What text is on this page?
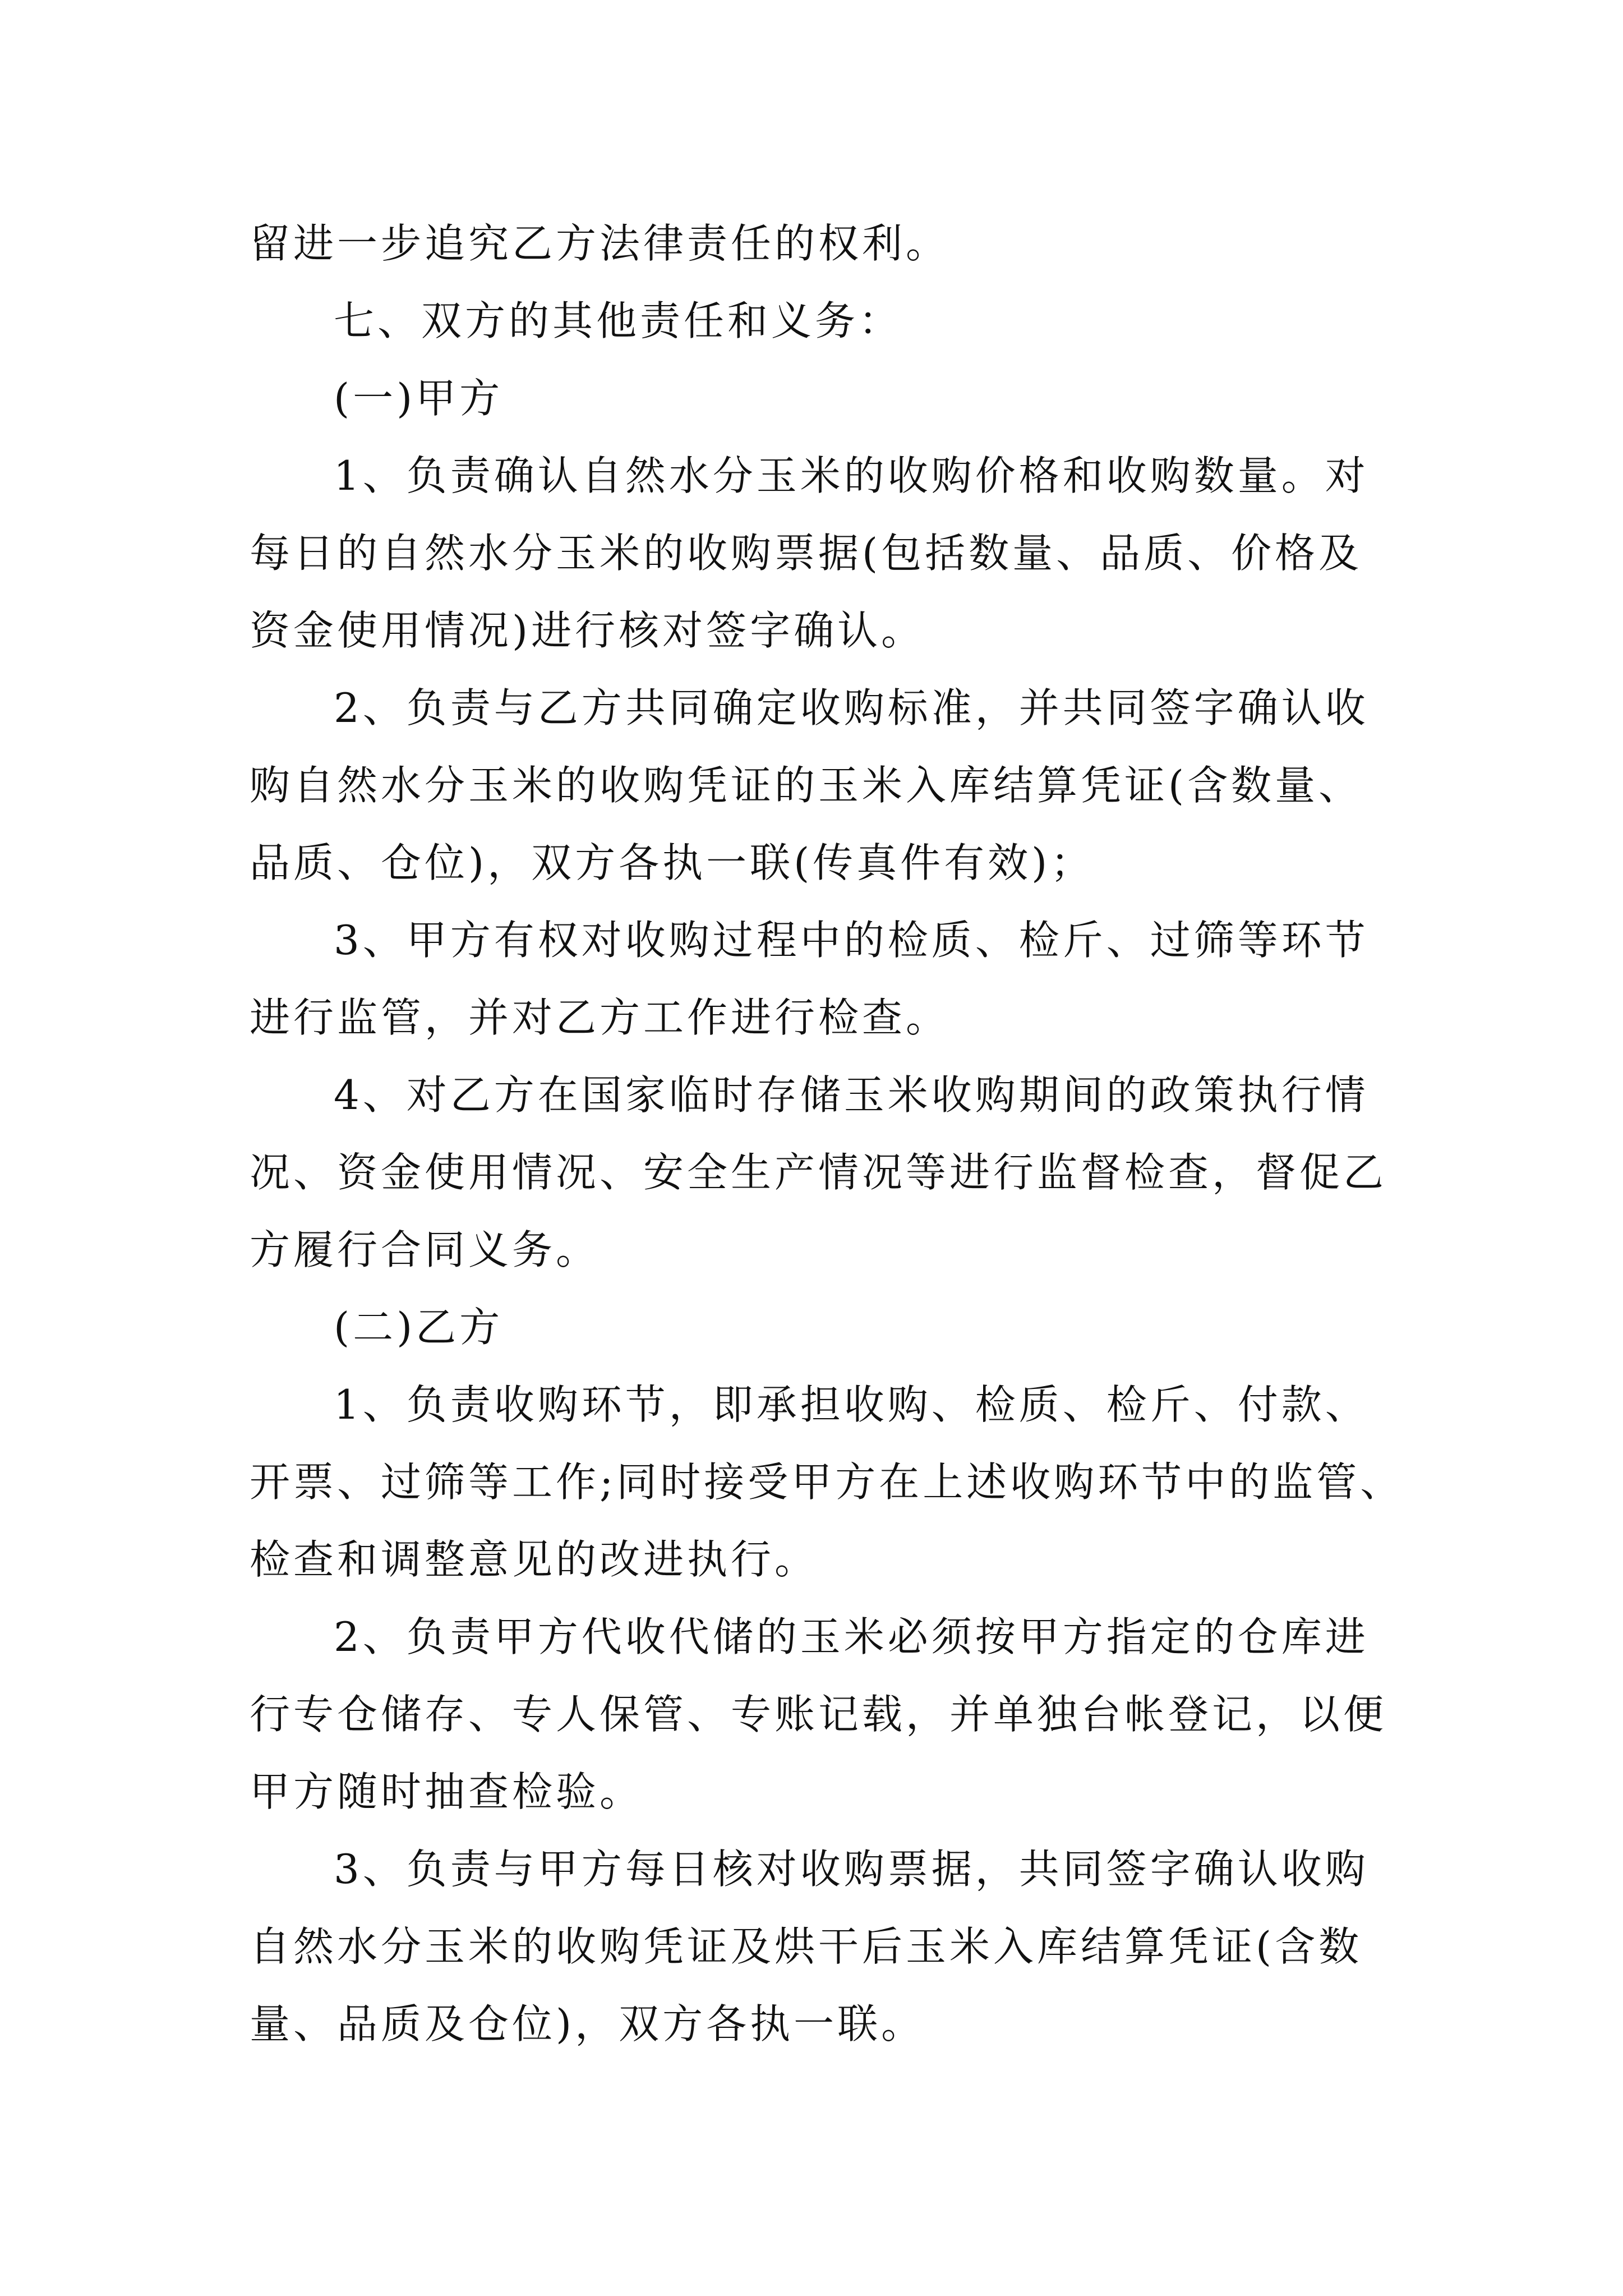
留进一步追究乙方法律责任的权利。
七、双方的其他责任和义务：
(一)甲方
1、负责确认自然水分玉米的收购价格和收购数量。对
每日的自然水分玉米的收购票据(包括数量、品质、价格及
资金使用情况)进行核对签字确认。
2、负责与乙方共同确定收购标准，并共同签字确认收
购自然水分玉米的收购凭证的玉米入库结算凭证(含数量、
品质、仓位)，双方各执一联(传真件有效)；
3、甲方有权对收购过程中的检质、检斤、过筛等环节
进行监管，并对乙方工作进行检查。
4、对乙方在国家临时存储玉米收购期间的政策执行情
况、资金使用情况、安全生产情况等进行监督检查，督促乙
方履行合同义务。
(二)乙方
1、负责收购环节，即承担收购、检质、检斤、付款、
开票、过筛等工作;同时接受甲方在上述收购环节中的监管、
检查和调整意见的改进执行。
2、负责甲方代收代储的玉米必须按甲方指定的仓库进
行专仓储存、专人保管、专账记载，并单独台帐登记，以便
甲方随时抽查检验。
3、负责与甲方每日核对收购票据，共同签字确认收购
自然水分玉米的收购凭证及烘干后玉米入库结算凭证(含数
量、品质及仓位)，双方各执一联。
